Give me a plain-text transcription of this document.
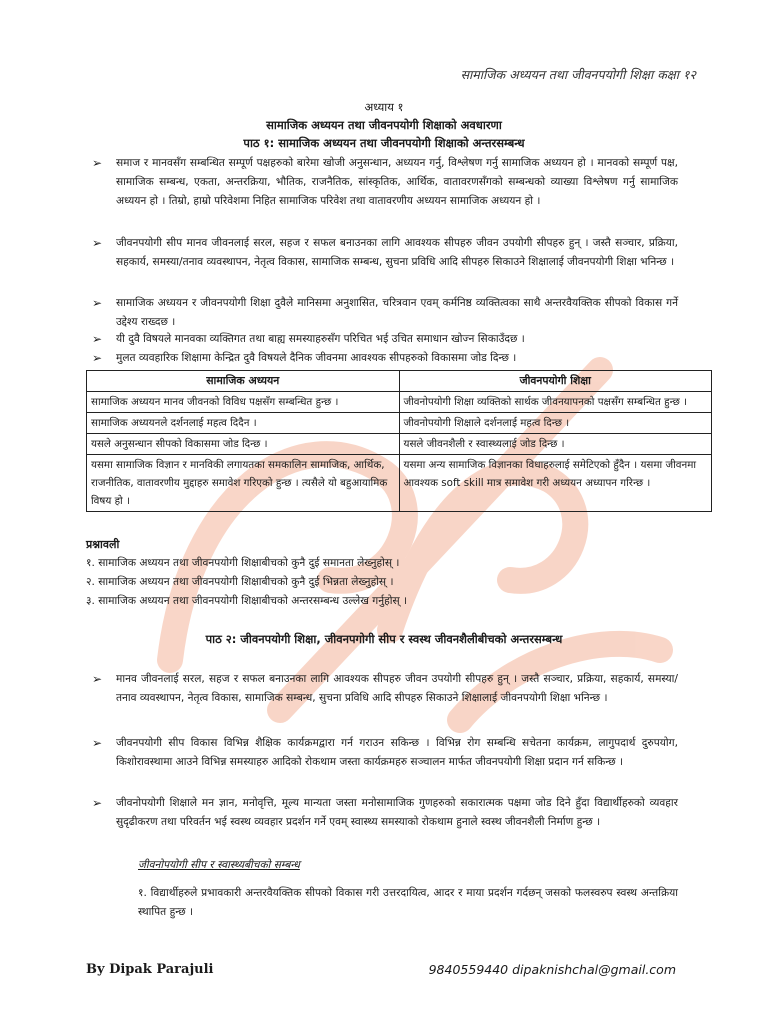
सामाजिक अध्ययन तथा जीवनपयोगी शिक्षा कक्षा १२
अध्याय १
सामाजिक अध्ययन तथा जीवनपयोगी शिक्षाको अवधारणा
पाठ १: सामाजिक अध्ययन तथा जीवनपयोगी शिक्षाको अन्तरसम्बन्ध
➢ समाज र मानवसँग सम्बन्धित सम्पूर्ण पक्षहरुको बारेमा खोजी अनुसन्धान, अध्ययन गर्नु, विश्लेषण गर्नु सामाजिक अध्ययन हो । मानवको सम्पूर्ण पक्ष, सामाजिक सम्बन्ध, एकता, अन्तरक्रिया, भौतिक, राजनैतिक, सांस्कृतिक, आर्थिक, वातावरणसँगको सम्बन्धको व्याख्या विश्लेषण गर्नु सामाजिक अध्ययन हो । तिम्रो, हाम्रो परिवेशमा निहित सामाजिक परिवेश तथा वातावरणीय अध्ययन सामाजिक अध्ययन हो ।

➢ जीवनपयोगी सीप मानव जीवनलाई सरल, सहज र सफल बनाउनका लागि आवश्यक सीपहरु जीवन उपयोगी सीपहरु हुन् । जस्तै सञ्चार, प्रक्रिया, सहकार्य, समस्या/तनाव व्यवस्थापन, नेतृत्व विकास, सामाजिक सम्बन्ध, सुचना प्रविधि आदि सीपहरु सिकाउने शिक्षालाई जीवनपयोगी शिक्षा भनिन्छ ।

➢ सामाजिक अध्ययन र जीवनपयोगी शिक्षा दुवैले मानिसमा अनुशासित, चरित्रवान एवम् कर्मनिष्ठ व्यक्तित्वका साथै अन्तरवैयक्तिक सीपको विकास गर्ने उद्देश्य राख्दछ ।

➢ यी दुवै विषयले मानवका व्यक्तिगत तथा बाह्य समस्याहरुसँग परिचित भई उचित समाधान खोज्न सिकाउँदछ ।

➢ मुलत व्यवहारिक शिक्षामा केन्द्रित दुवै विषयले दैनिक जीवनमा आवश्यक सीपहरुको विकासमा जोड दिन्छ ।

सामाजिक अध्ययन	जीवनपयोगी शिक्षा
सामाजिक अध्ययन मानव जीवनको विविध पक्षसँग सम्बन्धित हुन्छ ।	जीवनोपयोगी शिक्षा व्यक्तिको सार्थक जीवनयापनको पक्षसँग सम्बन्धित हुन्छ ।
सामाजिक अध्ययनले दर्शनलाई महत्व दिदैन ।	जीवनोपयोगी शिक्षाले दर्शनलाई महत्व दिन्छ ।
यसले अनुसन्धान सीपको विकासमा जोड दिन्छ ।	यसले जीवनशैली र स्वास्थ्यलाई जोड दिन्छ ।
यसमा सामाजिक विज्ञान र मानविकी लगायतका समकालिन सामाजिक, आर्थिक, राजनीतिक, वातावरणीय मुद्दाहरु समावेश गरिएको हुन्छ । त्यसैले यो बहुआयामिक विषय हो ।	यसमा अन्य सामाजिक विज्ञानका विधाहरुलाई समेटिएको हुँदैन । यसमा जीवनमा आवश्यक soft skill मात्र समावेश गरी अध्ययन अध्यापन गरिन्छ ।
प्रश्नावली
१. सामाजिक अध्ययन तथा जीवनपयोगी शिक्षाबीचको कुनै दुई समानता लेख्नुहोस् ।
२. सामाजिक अध्ययन तथा जीवनपयोगी शिक्षाबीचको कुनै दुई भिन्नता लेख्नुहोस् ।
३. सामाजिक अध्ययन तथा जीवनपयोगी शिक्षाबीचको अन्तरसम्बन्ध उल्लेख गर्नुहोस् ।
पाठ २: जीवनपयोगी शिक्षा, जीवनपगोगी सीप र स्वस्थ जीवनशैलीबीचको अन्तरसम्बन्ध
➢ मानव जीवनलाई सरल, सहज र सफल बनाउनका लागि आवश्यक सीपहरु जीवन उपयोगी सीपहरु हुन् । जस्तै सञ्चार, प्रक्रिया, सहकार्य, समस्या/तनाव व्यवस्थापन, नेतृत्व विकास, सामाजिक सम्बन्ध, सुचना प्रविधि आदि सीपहरु सिकाउने शिक्षालाई जीवनपयोगी शिक्षा भनिन्छ ।

➢ जीवनपयोगी सीप विकास विभिन्न शैक्षिक कार्यक्रमद्वारा गर्न गराउन सकिन्छ । विभिन्न रोग सम्बन्धि सचेतना कार्यक्रम, लागुपदार्थ दुरुपयोग, किशोरावस्थामा आउने विभिन्न समस्याहरु आदिको रोकथाम जस्ता कार्यक्रमहरु सञ्चालन मार्फत जीवनपयोगी शिक्षा प्रदान गर्न सकिन्छ ।

➢ जीवनोपयोगी शिक्षाले मन ज्ञान, मनोवृत्ति, मूल्य मान्यता जस्ता मनोसामाजिक गुणहरुको सकारात्मक पक्षमा जोड दिने हुँदा विद्यार्थीहरुको व्यवहार सुदृढीकरण तथा परिवर्तन भई स्वस्थ व्यवहार प्रदर्शन गर्ने एवम् स्वास्थ्य समस्याको रोकथाम हुनाले स्वस्थ जीवनशैली निर्माण हुन्छ ।

जीवनोपयोगी सीप र स्वास्थ्यबीचको सम्बन्ध
१. विद्यार्थीहरुले प्रभावकारी अन्तरवैयक्तिक सीपको विकास गरी उत्तरदायित्व, आदर र माया प्रदर्शन गर्दछन् जसको फलस्वरुप स्वस्थ अन्तक्रिया स्थापित हुन्छ ।
By Dipak Parajuli	9840559440 dipaknishchal@gmail.com
